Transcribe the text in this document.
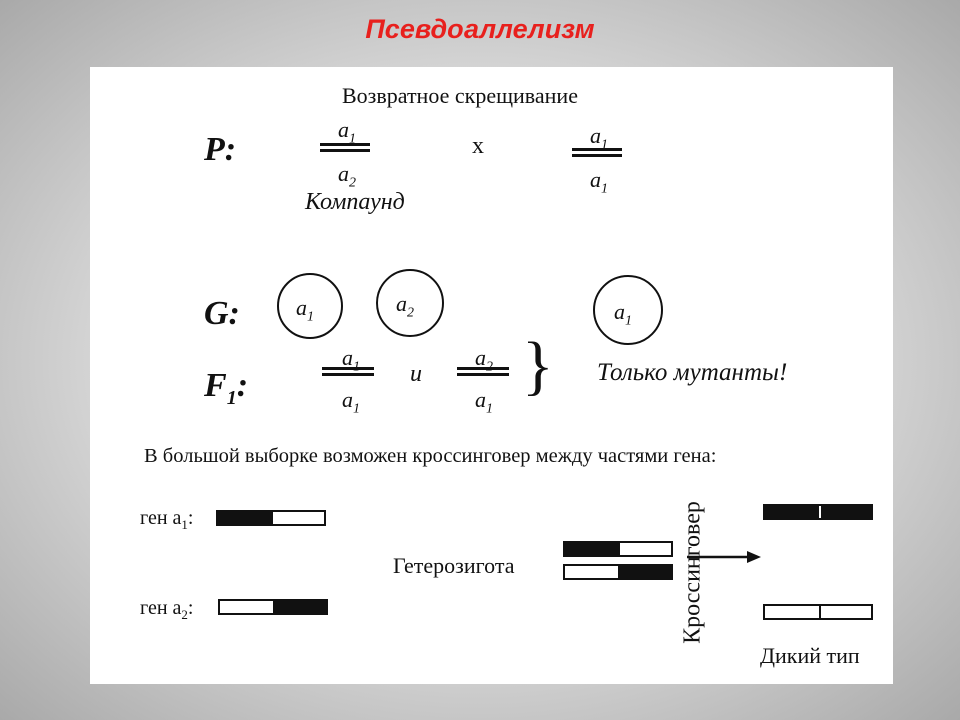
Псевдоаллелизм
Возвратное скрещивание
P:
$a_1$
$a_2$
Компаунд
x	$a_1$
$a_1$
G:	$a_1$
$a_2$	$a_1$
$F_1$:
$a_1$
$a_1$
и
$a_2$
$a_1$
} Только мутанты!
В большой выборке возможен кроссинговер между частями гена:
ген $а_1$:
ген $а_2$:
Гетерозигота	Кроссинговер
Дикий тип
